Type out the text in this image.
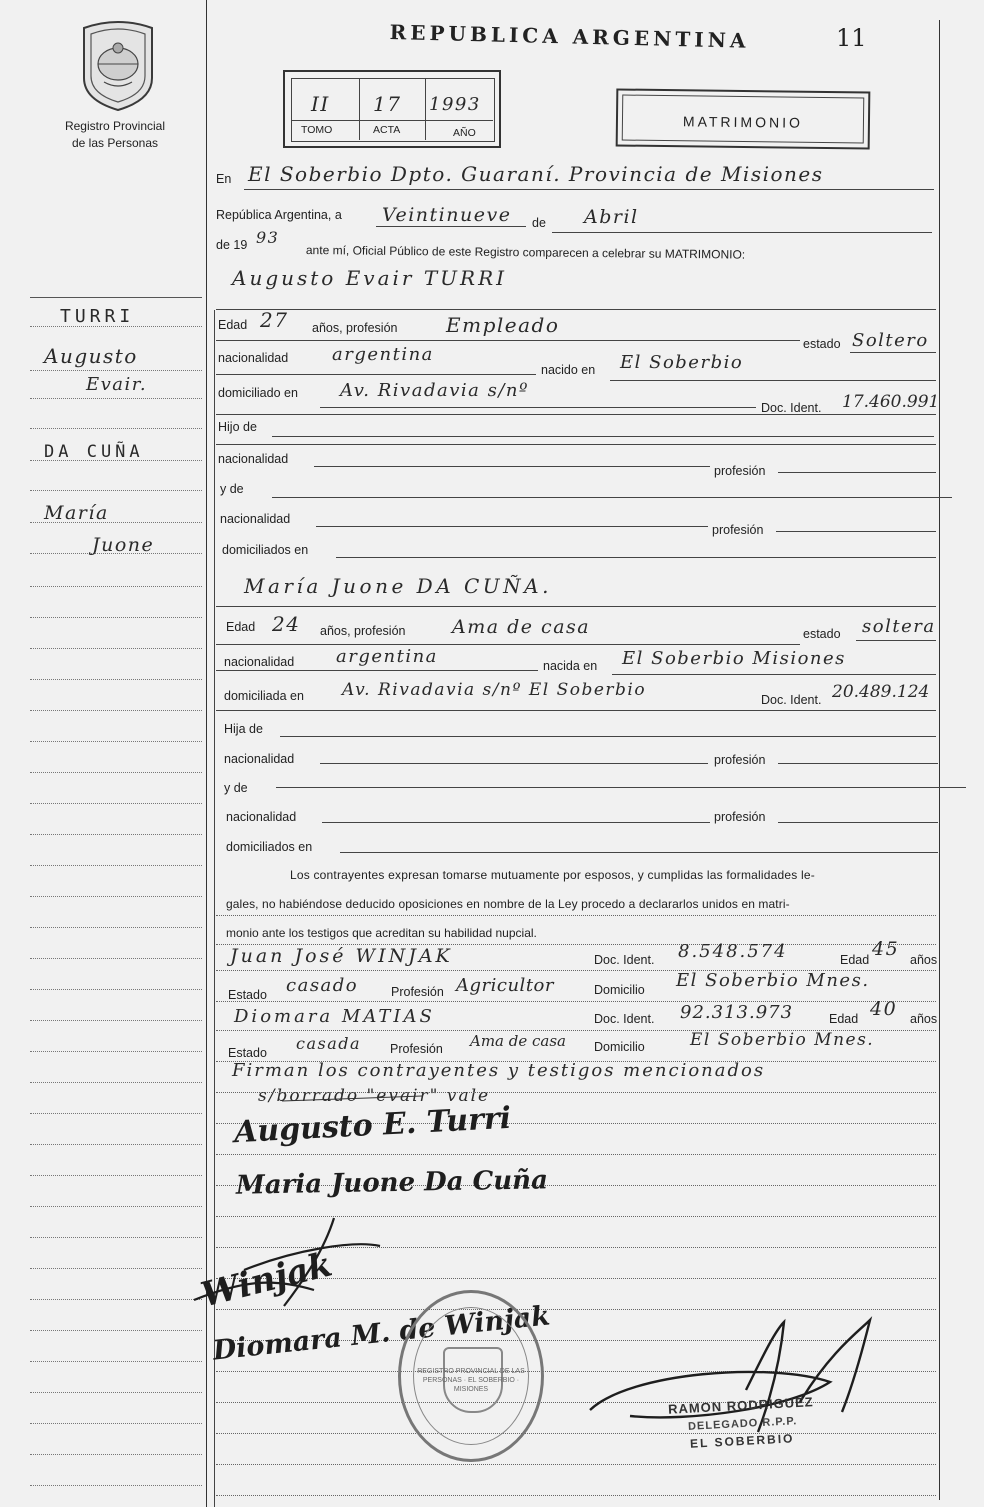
Registro Provincial
de las Personas
REPUBLICA ARGENTINA	11
II 17 1993
TOMO	ACTA	AÑO
MATRIMONIO
TURRI
Augusto
Evair.
DA CUÑA
María
Juone
En El Soberbio Dpto. Guaraní. Provincia de Misiones
República Argentina, a Veintinueve de Abril
de 19 93
ante mí, Oficial Público de este Registro comparecen a celebrar su MATRIMONIO:
Augusto Evair TURRI
Edad 27 años, profesión Empleado
estado Soltero
nacionalidad argentina
nacido en El Soberbio
domiciliado en Av. Rivadavia s/nº
Doc. Ident. 17.460.991
Hijo de
nacionalidad
profesión
y de
nacionalidad
profesión
domiciliados en
María Juone DA CUÑA.
Edad 24 años, profesión Ama de casa	estado soltera
nacionalidad argentina	nacida en El Soberbio Misiones
domiciliada en Av. Rivadavia s/nº El Soberbio	Doc. Ident. 20.489.124
Hija de
nacionalidad	profesión
y de
nacionalidad	profesión
domiciliados en
Los contrayentes expresan tomarse mutuamente por esposos, y cumplidas las formalidades le-
gales, no habiéndose deducido oposiciones en nombre de la Ley procedo a declararlos unidos en matri-
monio ante los testigos que acreditan su habilidad nupcial.
Juan José WINJAK	Doc. Ident. 8.548.574	Edad 45 años
Estado casado	Profesión Agricultor	Domicilio El Soberbio Mnes.
Diomara MATIAS	Doc. Ident. 92.313.973	Edad 40 años
Estado casada Profesión Ama de casa Domicilio	El Soberbio Mnes.
Firman los contrayentes y testigos mencionados
s/borrado "evair" vale
Augusto E. Turri
Maria Juone Da Cuña
Winjak
Diomara M. de Winjak
REGISTRO PROVINCIAL DE LAS PERSONAS · EL SOBERBIO · MISIONES
RAMON RODRIGUEZ
DELEGADO R.P.P.
EL SOBERBIO
